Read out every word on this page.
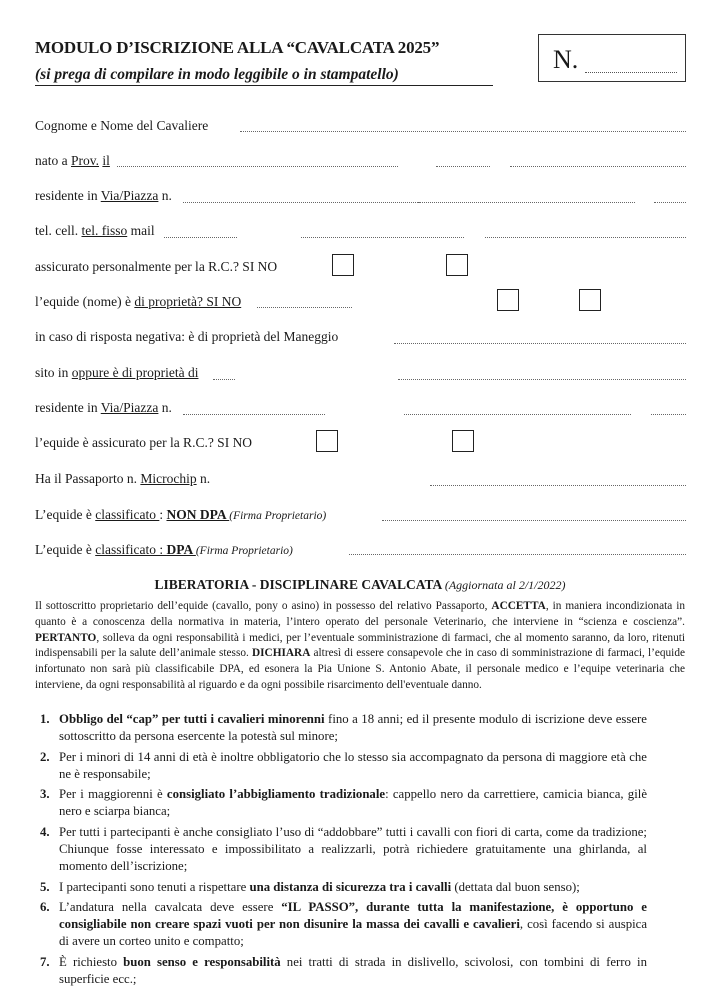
MODULO D’ISCRIZIONE ALLA “CAVALCATA 2025”
(si prega di compilare in modo leggibile o in stampatello)
N.
Cognome e Nome del Cavaliere
nato a Prov. il
residente in Via/Piazza n.
tel. cell. tel. fisso mail
assicurato personalmente per la R.C.? SI NO
l’equide (nome) è di proprietà? SI NO
in caso di risposta negativa: è di proprietà del Maneggio
sito in oppure è di proprietà di
residente in Via/Piazza n.
l’equide è assicurato per la R.C.? SI NO
Ha il Passaporto n. Microchip n.
L’equide è classificato : NON DPA (Firma Proprietario)
L’equide è classificato : DPA (Firma Proprietario)
LIBERATORIA - DISCIPLINARE CAVALCATA (Aggiornata al 2/1/2022)
Il sottoscritto proprietario dell’equide (cavallo, pony o asino) in possesso del relativo Passaporto, ACCETTA, in maniera incondizionata in quanto è a conoscenza della normativa in materia, l’intero operato del personale Veterinario, che interviene in “scienza e coscienza”. PERTANTO, solleva da ogni responsabilità i medici, per l’eventuale somministrazione di farmaci, che al momento saranno, da loro, ritenuti indispensabili per la salute dell’animale stesso. DICHIARA altresì di essere consapevole che in caso di somministrazione di farmaci, l’equide infortunato non sarà più classificabile DPA, ed esonera la Pia Unione S. Antonio Abate, il personale medico e l’equipe veterinaria che interviene, da ogni responsabilità al riguardo e da ogni possibile risarcimento dell'eventuale danno.
1. Obbligo del “cap” per tutti i cavalieri minorenni fino a 18 anni; ed il presente modulo di iscrizione deve essere sottoscritto da persona esercente la potestà sul minore;
2. Per i minori di 14 anni di età è inoltre obbligatorio che lo stesso sia accompagnato da persona di maggiore età che ne è responsabile;
3. Per i maggiorenni è consigliato l’abbigliamento tradizionale: cappello nero da carrettiere, camicia bianca, gilè nero e sciarpa bianca;
4. Per tutti i partecipanti è anche consigliato l’uso di “addobbare” tutti i cavalli con fiori di carta, come da tradizione; Chiunque fosse interessato e impossibilitato a realizzarli, potrà richiedere gratuitamente una ghirlanda, al momento dell’iscrizione;
5. I partecipanti sono tenuti a rispettare una distanza di sicurezza tra i cavalli (dettata dal buon senso);
6. L’andatura nella cavalcata deve essere “IL PASSO”, durante tutta la manifestazione, è opportuno e consigliabile non creare spazi vuoti per non disunire la massa dei cavalli e cavalieri, così facendo si auspica di avere un corteo unito e compatto;
7. È richiesto buon senso e responsabilità nei tratti di strada in dislivello, scivolosi, con tombini di ferro in superficie ecc.;
